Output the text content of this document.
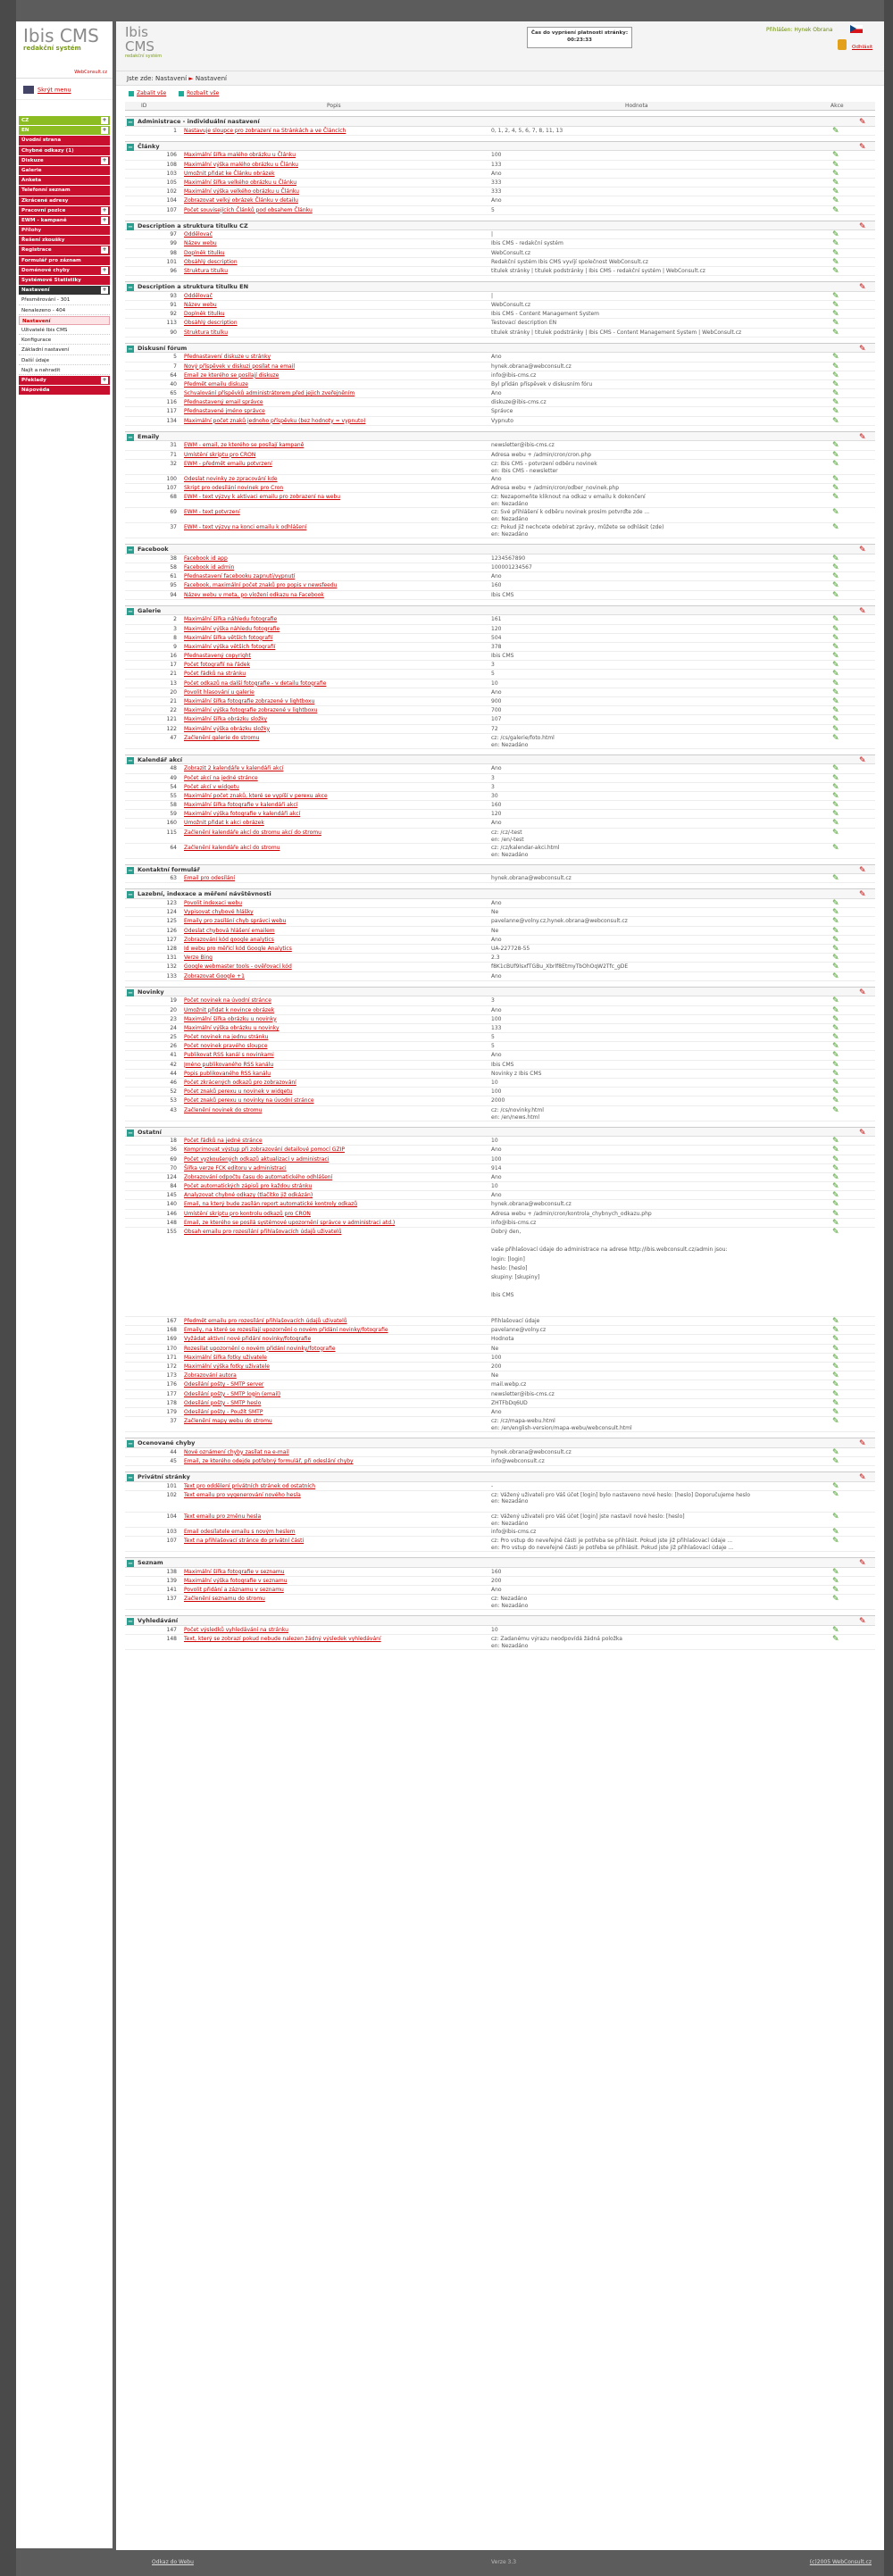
Ibis CMS
redakční systém
WebConsult.cz
Skrýt menu
CZ	+
EN	+
Úvodní strana
Chybné odkazy (1)
Diskuze	+
Galerie
Anketa
Telefonní seznam
Zkrácené adresy
Pracovní pozice	+
EWM - kampaně	+
Přílohy
Řešení zkoušky
Registrace	+
Formulář pro záznam
Doménové chyby	+
Systémové Statistiky
Nastavení	+
Přesměrování - 301
Nenalezeno - 404
Nastavení
Uživatelé Ibis CMS
Konfigurace
Základní nastavení
Další údaje
Najít a nahradit
Překlady	+
Nápověda
Ibis CMS
redakční systém
Čas do vypršení platnosti stránky: 00:23:33
Přihlášen: Hynek Obrana
Odhlásit
Jste zde: Nastavení ► Nastavení
Zabalit vše	Rozbalit vše
ID	Popis	Hodnota	Akce
− Administrace - individuální nastavení	✎
1 Nastavuje sloupce pro zobrazení na Stránkách a ve Článcích	0, 1, 2, 4, 5, 6, 7, 8, 11, 13	✎
− Články	✎
106 Maximální šířka malého obrázku u Článku	100	✎
108 Maximální výška malého obrázku u Článku	133	✎
103 Umožnit přidat ke Článku obrázek	Ano	✎
105 Maximální šířka velkého obrázku u Článku	333	✎
102 Maximální výška velkého obrázku u Článku	333	✎
104 Zobrazovat velký obrázek Článku v detailu	Ano	✎
107 Počet souvisejících Článků pod obsahem Článku	5	✎
− Description a struktura titulku CZ	✎
97 Oddělovač	|	✎
99 Název webu	Ibis CMS - redakční systém	✎
98 Doplněk titulku	WebConsult.cz	✎
101 Obsáhlý description	Redakční systém Ibis CMS vyvíjí společnost WebConsult.cz	✎
96 Struktura titulku	titulek stránky | titulek podstránky | Ibis CMS - redakční systém | WebConsult.cz	✎
− Description a struktura titulku EN	✎
93 Oddělovač	|	✎
91 Název webu	WebConsult.cz	✎
92 Doplněk titulku	Ibis CMS - Content Management System	✎
113 Obsáhlý description	Testovací description EN	✎
90 Struktura titulku	titulek stránky | titulek podstránky | Ibis CMS - Content Management System | WebConsult.cz	✎
− Diskusní fórum	✎
5 Přednastavení diskuze u stránky	Ano	✎
7 Nový příspěvek v diskuzi posílat na email	hynek.obrana@webconsult.cz	✎
64 Email ze kterého se posílají diskuze	info@ibis-cms.cz	✎
40 Předmět emailu diskuze	Byl přidán příspěvek v diskusním fóru	✎
65 Schvalování příspěvků administrátorem před jejich zveřejněním	Ano	✎
116 Přednastavený email správce	diskuze@ibis-cms.cz	✎
117 Přednastavené jméno správce	Správce	✎
134 Maximální počet znaků jednoho příspěvku (bez hodnoty = vypnuto)	Vypnuto	✎
− Emaily	✎
31 EWM - email, ze kterého se posílají kampaně	newsletter@ibis-cms.cz	✎
71 Umístění skriptu pro CRON	Adresa webu + /admin/cron/cron.php	✎
32 EWM - předmět emailu potvrzení	cz: Ibis CMS - potvrzení odběru novinek
en: Ibis CMS - newsletter
✎
100 Odeslat novinky ze zpracování kde	Ano	✎
107 Skript pro odesílání novinek pro Cron	Adresa webu + /admin/cron/odber_novinek.php	✎
68 EWM - text výzvy k aktivaci emailu pro zobrazení na webu	cz: Nezapomeňte kliknout na odkaz v emailu k dokončení
en: Nezadáno
✎
69 EWM - text potvrzení	cz: Své přihlášení k odběru novinek prosím potvrďte zde ...
en: Nezadáno
✎
37 EWM - text výzvy na konci emailu k odhlášení	cz: Pokud již nechcete odebírat zprávy, můžete se odhlásit (zde)
en: Nezadáno
✎
− Facebook	✎
38 Facebook id app	1234567890	✎
58 Facebook id admin	100001234567	✎
61 Přednastavení facebooku zapnutí/vypnutí	Ano	✎
95 Facebook, maximální počet znaků pro popis v newsfeedu	160	✎
94 Název webu v meta, po vložení odkazu na Facebook	Ibis CMS	✎
− Galerie	✎
2 Maximální šířka náhledu fotografie	161	✎
3 Maximální výška náhledu fotografie	120	✎
8 Maximální šířka větších fotografií	504	✎
9 Maximální výška větších fotografií	378	✎
16 Přednastavený copyright	Ibis CMS	✎
17 Počet fotografií na řádek	3	✎
21 Počet řádků na stránku	5	✎
13 Počet odkazů na další fotografie - v detailu fotografie	10	✎
20 Povolit hlasování u galerie	Ano	✎
21 Maximální šířka fotografie zobrazené v lightboxu	900	✎
22 Maximální výška fotografie zobrazené v lightboxu	700	✎
121 Maximální šířka obrázku složky	107	✎
122 Maximální výška obrázku složky	72	✎
47 Začlenění galerie do stromu	cz: /cs/galerie/foto.html
en: Nezadáno
✎
− Kalendář akcí	✎
48 Zobrazit 2 kalendáře v kalendáři akcí	Ano	✎
49 Počet akcí na jedné stránce	3	✎
54 Počet akcí v widgetu	3	✎
55 Maximální počet znaků, které se vypíší v perexu akce	30	✎
58 Maximální šířka fotografie v kalendáři akcí	160	✎
59 Maximální výška fotografie v kalendáři akcí	120	✎
160 Umožnit přidat k akci obrázek	Ano	✎
115 Začlenění kalendáře akcí do stromu akcí do stromu	cz: /cz/-test
en: /en/-test
✎
64 Začlenění kalendáře akcí do stromu	cz: /cz/kalendar-akci.html
en: Nezadáno
✎
− Kontaktní formulář	✎
63 Email pro odesílání	hynek.obrana@webconsult.cz	✎
− Lazební, indexace a měření návštěvnosti	✎
123 Povolit indexaci webu	Ano	✎
124 Vypisovat chybové hlášky	Ne	✎
125 Emaily pro zasílání chyb správci webu	pavelanne@volny.cz,hynek.obrana@webconsult.cz	✎
126 Odeslat chybová hlášení emailem	Ne	✎
127 Zobrazování kód google analytics	Ano	✎
128 Id webu pro měřicí kód Google Analytics	UA-227728-55	✎
131 Verze Bing	2.3	✎
132 Google webmaster tools - ověřovací kód	f8K1cBUf9lsxfTGBu_Xbrlf8EtmyTbOhOqW2Tfc_gDE	✎
133 Zobrazovat Google +1	Ano	✎
− Novinky	✎
19 Počet novinek na úvodní stránce	3	✎
20 Umožnit přidat k novince obrázek	Ano	✎
23 Maximální šířka obrázku u novinky	100	✎
24 Maximální výška obrázku u novinky	133	✎
25 Počet novinek na jednu stránku	5	✎
26 Počet novinek pravého sloupce	5	✎
41 Publikovat RSS kanál s novinkami	Ano	✎
42 Jméno publikovaného RSS kanálu	Ibis CMS	✎
44 Popis publikovaného RSS kanálu	Novinky z Ibis CMS	✎
46 Počet zkrácených odkazů pro zobrazování	10	✎
52 Počet znaků perexu u novinek v widgetu	100	✎
53 Počet znaků perexu u novinky na úvodní stránce	2000	✎
43 Začlenění novinek do stromu	cz: /cs/novinky.html
en: /en/news.html
✎
− Ostatní	✎
18 Počet řádků na jedné stránce	10	✎
36 Komprimovat výstup při zobrazování detailové pomocí GZIP	Ano	✎
69 Počet vyzkoušených odkazů aktualizací v administraci	100	✎
70 Šířka verze FCK editoru v administraci	914	✎
124 Zobrazování odpočtu času do automatického odhlášení	Ano	✎
84 Počet automatických zápisů pro každou stránku	10	✎
145 Analyzovat chybné odkazy (tlačítko již odkázán)	Ano	✎
140 Email, na který bude zasílán report automatické kontroly odkazů	hynek.obrana@webconsult.cz	✎
146 Umístění skriptu pro kontrolu odkazů pro CRON	Adresa webu + /admin/cron/kontrola_chybnych_odkazu.php	✎
148 Email, ze kterého se posílá systémové upozornění správce v administraci atd.)	info@ibis-cms.cz	✎
155 Obsah emailu pro rozesílání přihlašovacích údajů uživatelů	Dobrý den,

vaše přihlašovací údaje do administrace na adrese http://ibis.webconsult.cz/admin jsou:
login: [login]
heslo: [heslo]
skupiny: [skupiny]

Ibis CMS
✎
167 Předmět emailu pro rozesílání přihlašovacích údajů uživatelů	Přihlašovací údaje	✎
168 Emaily, na které se rozesílají upozornění o novém přidání novinky/fotografie	pavelanne@volny.cz	✎
169 Vyžádat aktivní nové přidání novinky/fotografie	Hodnota	✎
170 Rozesílat upozornění o novém přidání novinky/fotografie	Ne	✎
171 Maximální šířka fotky uživatele	100	✎
172 Maximální výška fotky uživatele	200	✎
173 Zobrazování autora	Ne	✎
176 Odesílání pošty - SMTP server	mail.webp.cz	✎
177 Odesílání pošty - SMTP login (email)	newsletter@ibis-cms.cz	✎
178 Odesílání pošty - SMTP heslo	ZHTFbDq6UD	✎
179 Odesílání pošty - Použít SMTP	Ano	✎
37 Začlenění mapy webu do stromu	cz: /cz/mapa-webu.html
en: /en/english-version/mapa-webu/webconsult.html
✎
− Ocenované chyby	✎
44 Nové oznámení chyby zasílat na e-mail	hynek.obrana@webconsult.cz	✎
45 Email, ze kterého odejde potřebný formulář, při odeslání chyby	info@webconsult.cz	✎
− Privátní stránky	✎
101 Text pro oddělení privátních stránek od ostatních	-	✎
102 Text emailu pro vygenerování nového hesla	cz: Vážený uživateli pro Váš účet [login] bylo nastaveno nové heslo: [heslo] Doporučujeme heslo
en: Nezadáno
✎
104 Text emailu pro změnu hesla	cz: Vážený uživateli pro Váš účet [login] jste nastavil nové heslo: [heslo]
en: Nezadáno
✎
103 Email odesílatele emailu s novým heslem	info@ibis-cms.cz	✎
107 Text na přihlašovací stránce do privátní části	cz: Pro vstup do neveřejné části je potřeba se přihlásit. Pokud jste již přihlašovací údaje ...
en: Pro vstup do neveřejné části je potřeba se přihlásit. Pokud jste již přihlašovací údaje ...
✎
− Seznam	✎
138 Maximální šířka fotografie v seznamu	160	✎
139 Maximální výška fotografie v seznamu	200	✎
141 Povolit přidání a záznamu v seznamu	Ano	✎
137 Začlenění seznamu do stromu	cz: Nezadáno
en: Nezadáno
✎
− Vyhledávání	✎
147 Počet výsledků vyhledávání na stránku	10	✎
148 Text, který se zobrazí pokud nebude nalezen žádný výsledek vyhledávání	cz: Zadanému výrazu neodpovídá žádná položka
en: Nezadáno
✎
Odkaz do Webu	Verze 3.3	(c)2005 WebConsult.cz
